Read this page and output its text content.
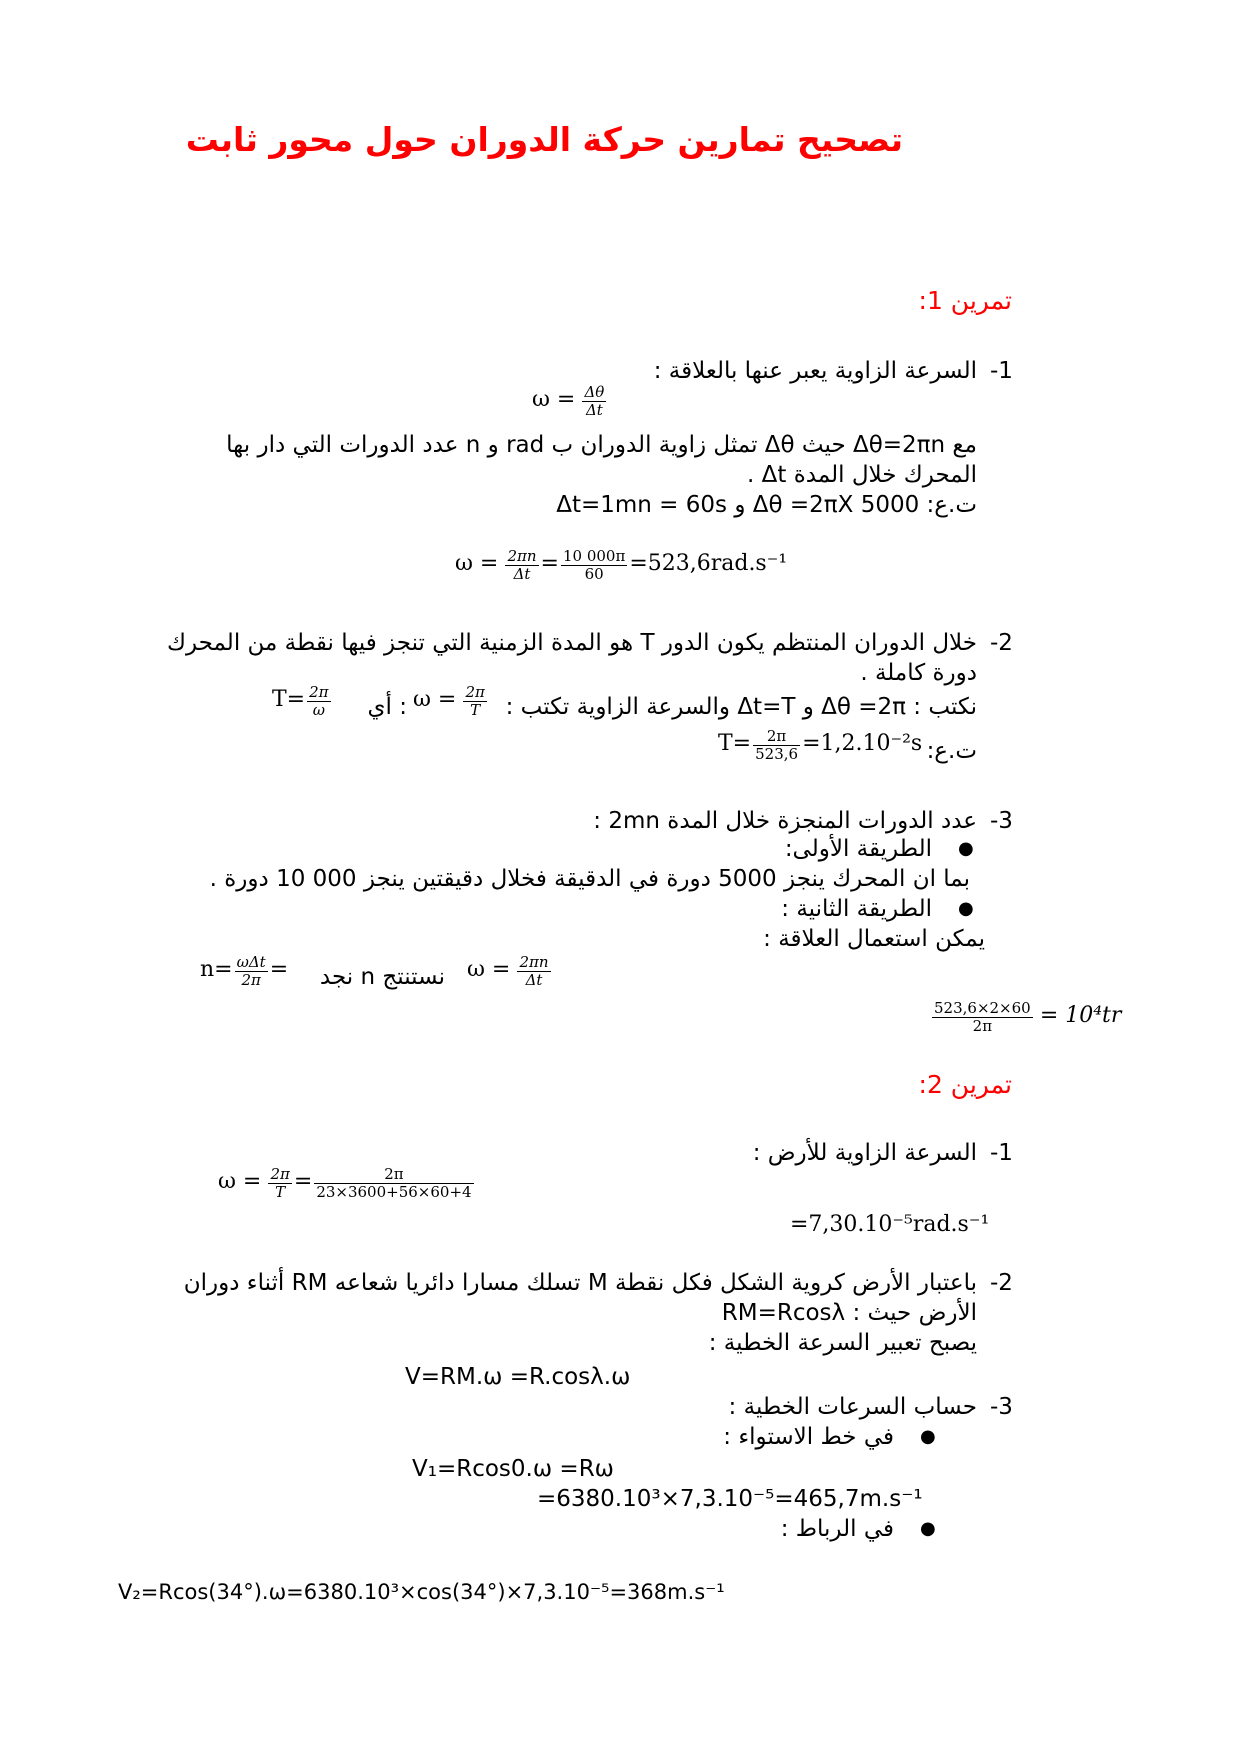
تصحيح تمارين حركة الدوران حول محور ثابت
تمرين 1:
-1
السرعة الزاوية يعبر عنها بالعلاقة :
$\omega = \frac{\Delta\theta}{\Delta t}$
مع Δθ=2πn حيث Δθ تمثل زاوية الدوران ب rad و n عدد الدورات التي دار بها
المحرك خلال المدة Δt .
ت.ع: Δθ =2πX 5000 و Δt=1mn = 60s
$\omega = \frac{2\pi n}{\Delta t} = \frac{10 000\pi}{60} =523,6rad.s^{-1}$
-2
خلال الدوران المنتظم يكون الدور T هو المدة الزمنية التي تنجز فيها نقطة من المحرك
دورة كاملة .
نكتب : Δθ =2π و Δt=T والسرعة الزاوية تكتب :
$\omega = \frac{2\pi}{T}$
: أي
$T= \frac{2\pi}{\omega}$
ت.ع:
$T= \frac{2\pi}{523,6} =1,2.10^{-2}s$
-3
عدد الدورات المنجزة خلال المدة 2mn :
●
الطريقة الأولى:
بما ان المحرك ينجز 5000 دورة في الدقيقة فخلال دقيقتين ينجز 000 10 دورة .
●
الطريقة الثانية :
يمكن استعمال العلاقة :
$\omega = \frac{2\pi n}{\Delta t}$
نستنتج n نجد
$n= \frac{\text{ωΔt}}{2\pi}$ =
$\frac{523,6\times 2\times 60}{2\pi} = 10^4tr$
تمرين 2:
-1
السرعة الزاوية للأرض :
$\omega = \frac{2\pi}{T} = \frac{2\pi}{23\times 3600+56\times 60+4}$
=7,30.10⁻⁵rad.s⁻¹
-2
باعتبار الأرض كروية الشكل فكل نقطة M تسلك مسارا دائريا شعاعه RM أثناء دوران
الأرض حيث : RM=Rcosλ
يصبح تعبير السرعة الخطية :
V=RM.ω =R.cosλ.ω
-3
حساب السرعات الخطية :
●
في خط الاستواء :
V₁=Rcos0.ω =Rω
=6380.10³×7,3.10⁻⁵=465,7m.s⁻¹
●
في الرباط :
V₂=Rcos(34°).ω=6380.10³×cos(34°)×7,3.10⁻⁵=368m.s⁻¹
